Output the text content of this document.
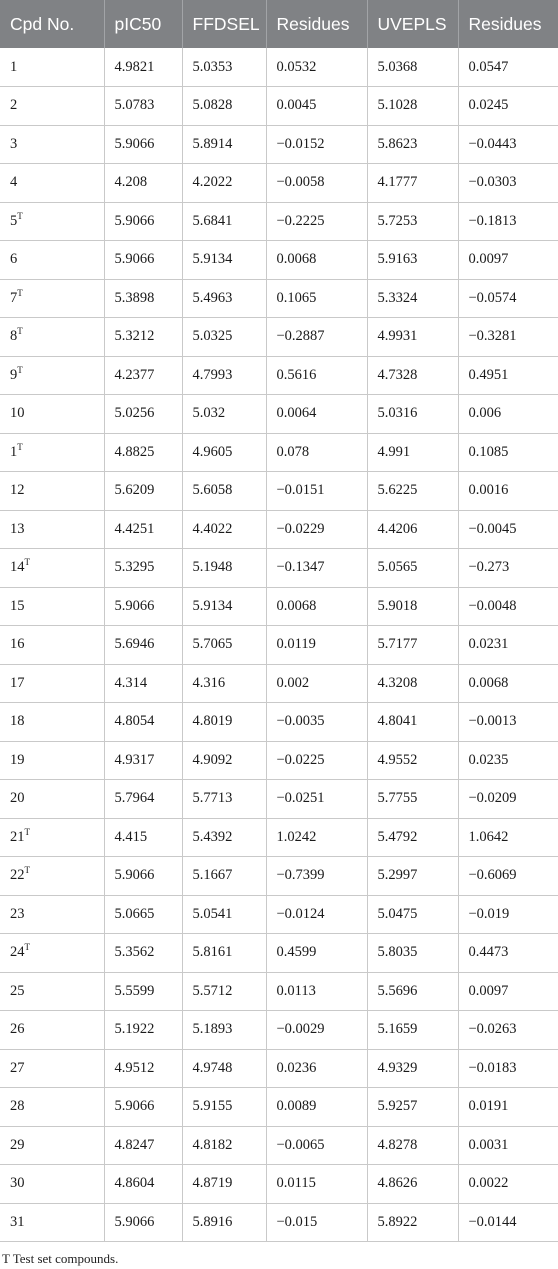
Cpd No.	pIC50	FFDSEL	Residues	UVEPLS	Residues
1	4.9821	5.0353	0.0532	5.0368	0.0547
2	5.0783	5.0828	0.0045	5.1028	0.0245
3	5.9066	5.8914	−0.0152	5.8623	−0.0443
4	4.208	4.2022	−0.0058	4.1777	−0.0303
$5^T$	5.9066	5.6841	−0.2225	5.7253	−0.1813
6	5.9066	5.9134	0.0068	5.9163	0.0097
$7^T$	5.3898	5.4963	0.1065	5.3324	−0.0574
$8^T$	5.3212	5.0325	−0.2887	4.9931	−0.3281
$9^T$	4.2377	4.7993	0.5616	4.7328	0.4951
10	5.0256	5.032	0.0064	5.0316	0.006
$1^T$	4.8825	4.9605	0.078	4.991	0.1085
12	5.6209	5.6058	−0.0151	5.6225	0.0016
13	4.4251	4.4022	−0.0229	4.4206	−0.0045
$14^T$	5.3295	5.1948	−0.1347	5.0565	−0.273
15	5.9066	5.9134	0.0068	5.9018	−0.0048
16	5.6946	5.7065	0.0119	5.7177	0.0231
17	4.314	4.316	0.002	4.3208	0.0068
18	4.8054	4.8019	−0.0035	4.8041	−0.0013
19	4.9317	4.9092	−0.0225	4.9552	0.0235
20	5.7964	5.7713	−0.0251	5.7755	−0.0209
$21^T$	4.415	5.4392	1.0242	5.4792	1.0642
$22^T$	5.9066	5.1667	−0.7399	5.2997	−0.6069
23	5.0665	5.0541	−0.0124	5.0475	−0.019
$24^T$	5.3562	5.8161	0.4599	5.8035	0.4473
25	5.5599	5.5712	0.0113	5.5696	0.0097
26	5.1922	5.1893	−0.0029	5.1659	−0.0263
27	4.9512	4.9748	0.0236	4.9329	−0.0183
28	5.9066	5.9155	0.0089	5.9257	0.0191
29	4.8247	4.8182	−0.0065	4.8278	0.0031
30	4.8604	4.8719	0.0115	4.8626	0.0022
31	5.9066	5.8916	−0.015	5.8922	−0.0144
T Test set compounds.
